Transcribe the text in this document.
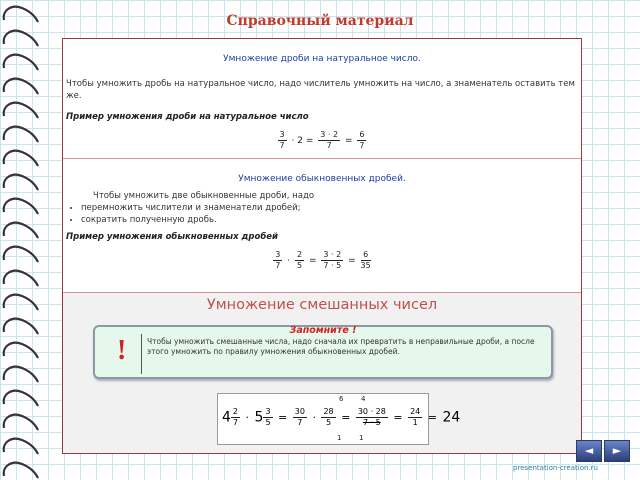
Справочный материал
Умножение дроби на натуральное число.
Чтобы умножить дробь на натуральное число, надо числитель умножить на число, а знаменатель оставить тем же.
Пример умножения дроби на натуральное число
$\frac{3}{7} \cdot 2 = \frac{3 \cdot 2}{7} = \frac{6}{7}$
Умножение обыкновенных дробей.
Чтобы умножить две обыкновенные дроби, надо
• перемножить числители и знаменатели дробей;
• сократить полученную дробь.
Пример умножения обыкновенных дробей
$\frac{3}{7} \cdot \frac{2}{5} = \frac{3 \cdot 2}{7 \cdot 5} = \frac{6}{35}$
Умножение смешанных чисел
Запомните !
!	Чтобы умножить смешанные числа, надо сначала их превратить в неправильные дроби, а после этого умножить по правилу умножения обыкновенных дробей.
$4 \frac{2}{7} \cdot 5 \frac{3}{5} = \frac{30}{7} \cdot \frac{28}{5} = \frac{30 \cdot 28}{7 \cdot 5} = \frac{24}{1} = 24$
6	4
1	1
◄	►
presentation-creation.ru
